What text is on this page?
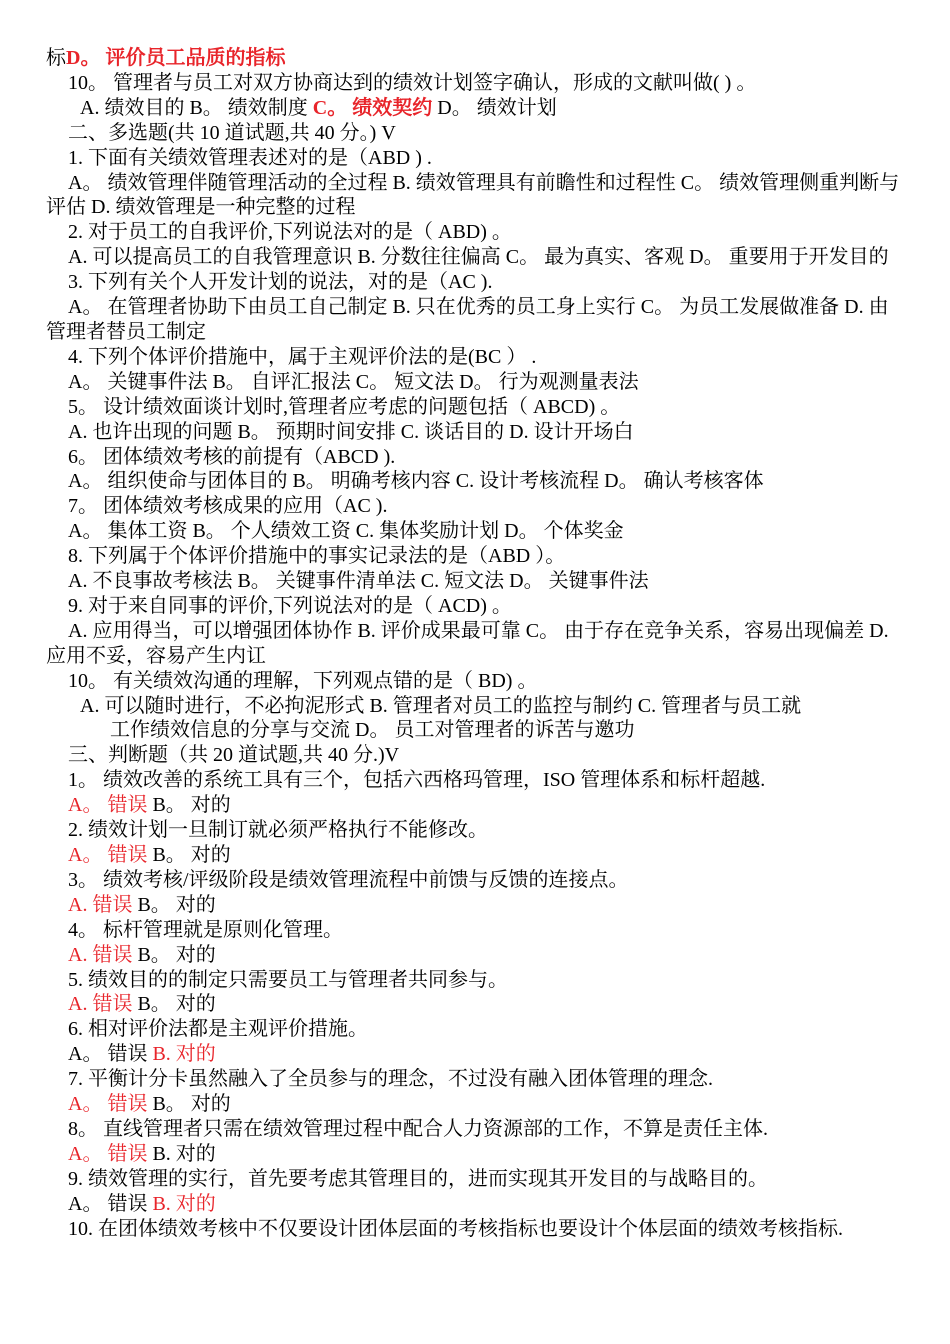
标D。 评价员工品质的指标
10。 管理者与员工对双方协商达到的绩效计划签字确认，形成的文献叫做( ) 。
A. 绩效目的 B。 绩效制度 C。 绩效契约 D。 绩效计划
二、多选题(共 10 道试题,共 40 分。) V
1. 下面有关绩效管理表述对的是（ABD ) .
A。 绩效管理伴随管理活动的全过程 B. 绩效管理具有前瞻性和过程性 C。 绩效管理侧重判断与评估 D. 绩效管理是一种完整的过程
2. 对于员工的自我评价,下列说法对的是（ ABD) 。
A. 可以提高员工的自我管理意识 B. 分数往往偏高 C。 最为真实、客观 D。 重要用于开发目的
3. 下列有关个人开发计划的说法，对的是（AC ).
A。 在管理者协助下由员工自己制定 B. 只在优秀的员工身上实行 C。 为员工发展做准备 D. 由管理者替员工制定
4. 下列个体评价措施中，属于主观评价法的是(BC ） .
A。 关键事件法 B。 自评汇报法 C。 短文法 D。 行为观测量表法
5。 设计绩效面谈计划时,管理者应考虑的问题包括（ ABCD) 。
A. 也许出现的问题 B。 预期时间安排 C. 谈话目的 D. 设计开场白
6。 团体绩效考核的前提有（ABCD ).
A。 组织使命与团体目的 B。 明确考核内容 C. 设计考核流程 D。 确认考核客体
7。 团体绩效考核成果的应用（AC ).
A。 集体工资 B。 个人绩效工资 C. 集体奖励计划 D。 个体奖金
8. 下列属于个体评价措施中的事实记录法的是（ABD ）。
A. 不良事故考核法 B。 关键事件清单法 C. 短文法 D。 关键事件法
9. 对于来自同事的评价,下列说法对的是（ ACD) 。
A. 应用得当，可以增强团体协作 B. 评价成果最可靠 C。 由于存在竞争关系，容易出现偏差 D. 应用不妥，容易产生内讧
10。 有关绩效沟通的理解，下列观点错的是（ BD) 。
A. 可以随时进行，不必拘泥形式 B. 管理者对员工的监控与制约 C. 管理者与员工就
工作绩效信息的分享与交流 D。 员工对管理者的诉苦与邀功
三、判断题（共 20 道试题,共 40 分.)V
1。 绩效改善的系统工具有三个，包括六西格玛管理，ISO 管理体系和标杆超越.
A。 错误 B。 对的
2. 绩效计划一旦制订就必须严格执行不能修改。
A。 错误 B。 对的
3。 绩效考核/评级阶段是绩效管理流程中前馈与反馈的连接点。
A. 错误 B。 对的
4。 标杆管理就是原则化管理。
A. 错误 B。 对的
5. 绩效目的的制定只需要员工与管理者共同参与。
A. 错误 B。 对的
6. 相对评价法都是主观评价措施。
A。 错误 B. 对的
7. 平衡计分卡虽然融入了全员参与的理念，不过没有融入团体管理的理念.
A。 错误 B。 对的
8。 直线管理者只需在绩效管理过程中配合人力资源部的工作，不算是责任主体.
A。 错误 B. 对的
9. 绩效管理的实行，首先要考虑其管理目的，进而实现其开发目的与战略目的。
A。 错误 B. 对的
10. 在团体绩效考核中不仅要设计团体层面的考核指标也要设计个体层面的绩效考核指标.
